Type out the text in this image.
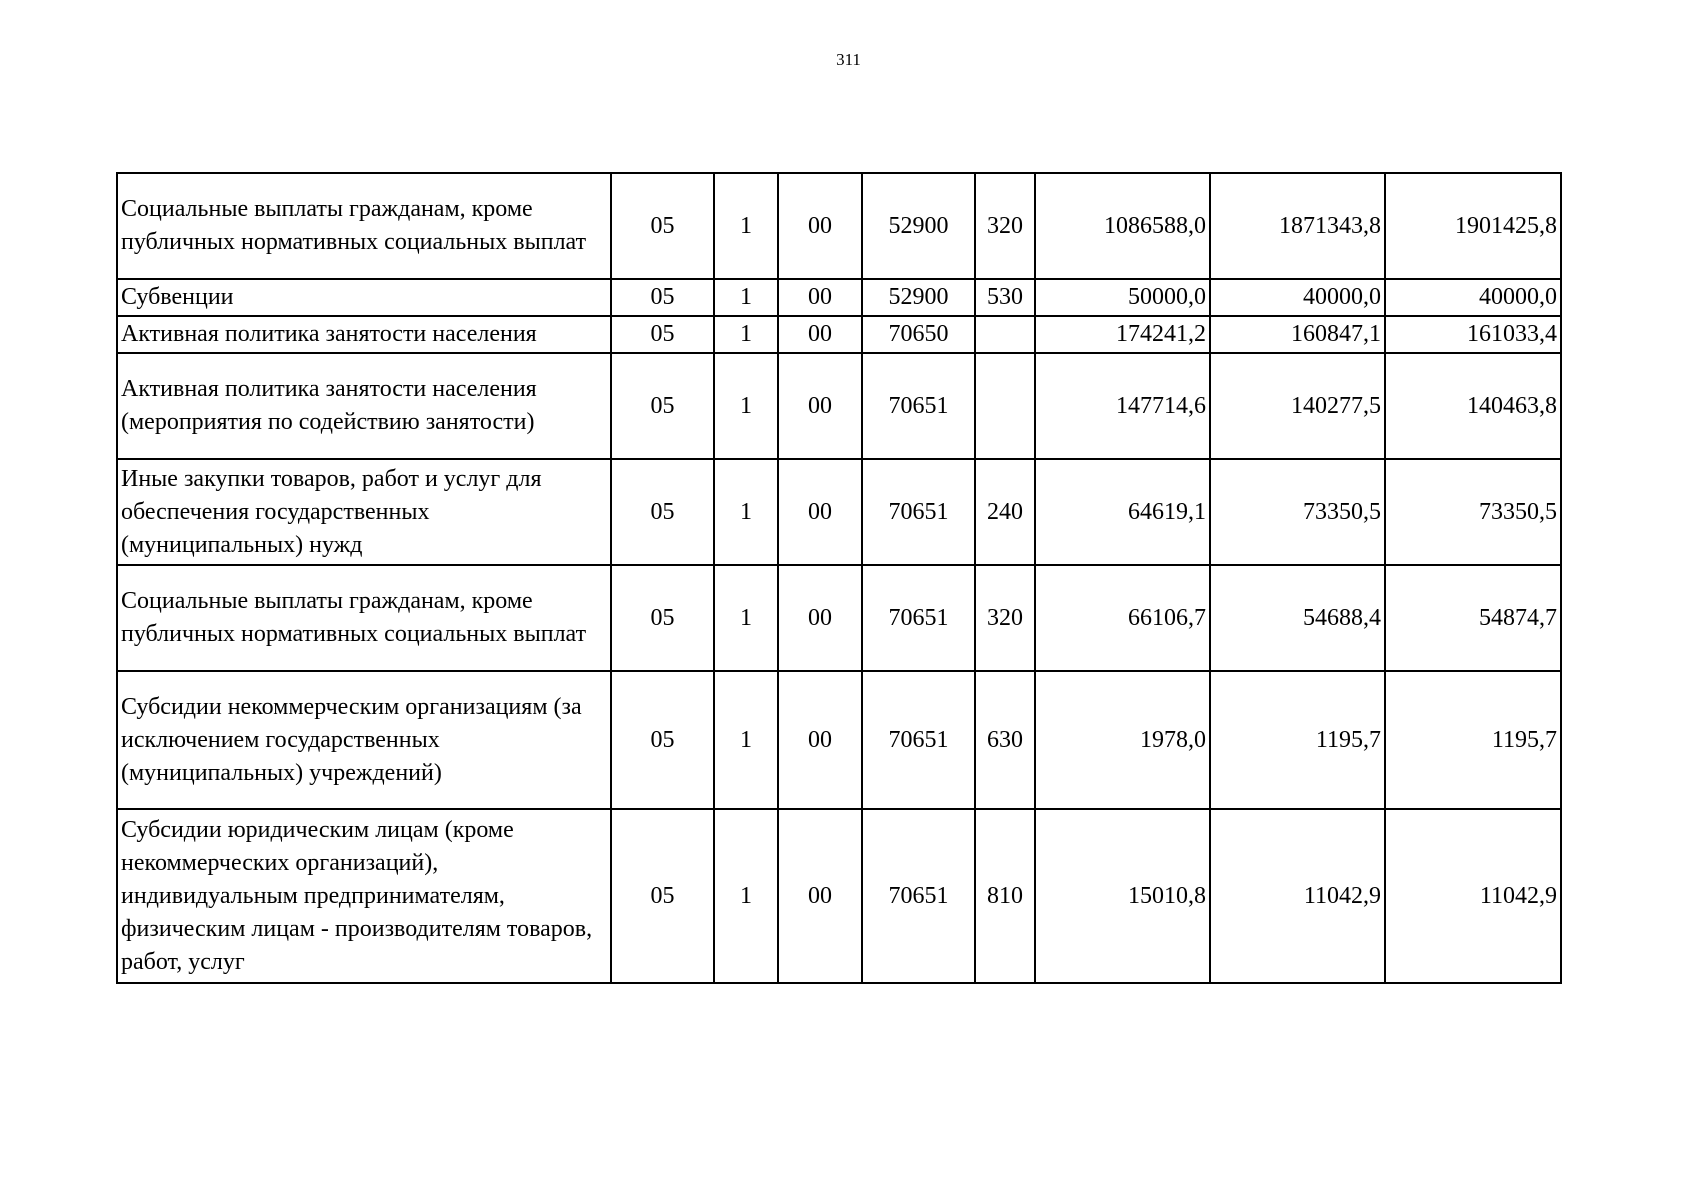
311
Социальные выплаты гражданам, кроме публичных нормативных социальных выплат	05	1	00	52900	320	1086588,0	1871343,8	1901425,8
Субвенции	05	1	00	52900	530	50000,0	40000,0	40000,0
Активная политика занятости населения	05	1	00	70650		174241,2	160847,1	161033,4
Активная политика занятости населения (мероприятия по содействию занятости)	05	1	00	70651		147714,6	140277,5	140463,8
Иные закупки товаров, работ и услуг для обеспечения государственных (муниципальных) нужд	05	1	00	70651	240	64619,1	73350,5	73350,5
Социальные выплаты гражданам, кроме публичных нормативных социальных выплат	05	1	00	70651	320	66106,7	54688,4	54874,7
Субсидии некоммерческим организациям (за исключением государственных (муниципальных) учреждений)	05	1	00	70651	630	1978,0	1195,7	1195,7
Субсидии юридическим лицам (кроме некоммерческих организаций), индивидуальным предпринимателям, физическим лицам - производителям товаров, работ, услуг	05	1	00	70651	810	15010,8	11042,9	11042,9
